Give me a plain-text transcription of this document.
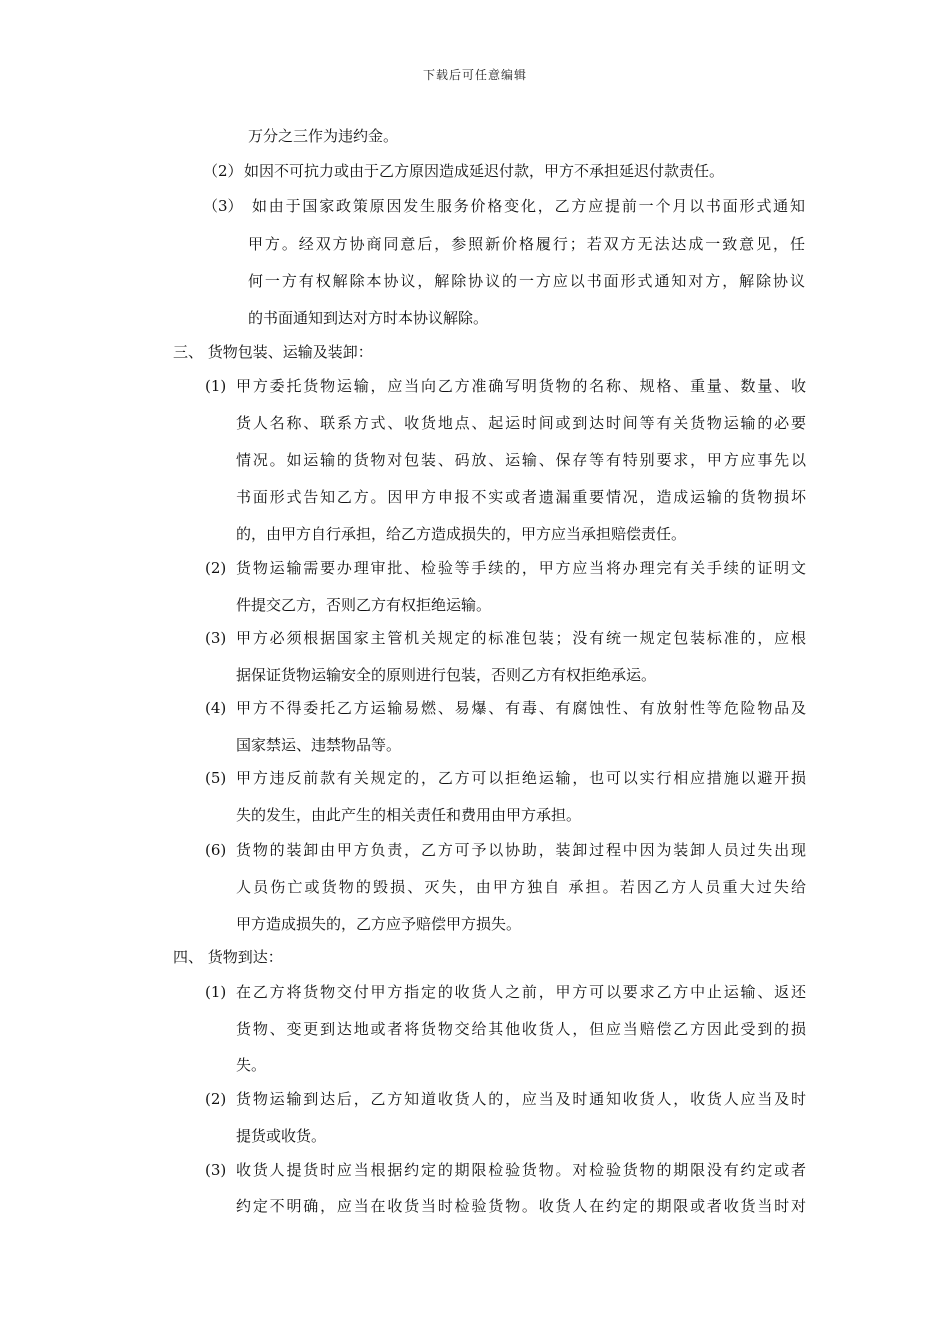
下载后可任意编辑
万分之三作为违约金。
（2） 如因不可抗力或由于乙方原因造成延迟付款，甲方不承担延迟付款责任。
（3） 如由于国家政策原因发生服务价格变化，乙方应提前一个月以书面形式通知
甲方。经双方协商同意后，参照新价格履行；若双方无法达成一致意见，任
何一方有权解除本协议，解除协议的一方应以书面形式通知对方，解除协议
的书面通知到达对方时本协议解除。
三、 货物包装、运输及装卸：
(1) 甲方委托货物运输，应当向乙方准确写明货物的名称、规格、重量、数量、收
货人名称、联系方式、收货地点、起运时间或到达时间等有关货物运输的必要
情况。如运输的货物对包装、码放、运输、保存等有特别要求，甲方应事先以
书面形式告知乙方。因甲方申报不实或者遗漏重要情况，造成运输的货物损坏
的，由甲方自行承担，给乙方造成损失的，甲方应当承担赔偿责任。
(2) 货物运输需要办理审批、检验等手续的，甲方应当将办理完有关手续的证明文
件提交乙方，否则乙方有权拒绝运输。
(3) 甲方必须根据国家主管机关规定的标准包装；没有统一规定包装标准的，应根
据保证货物运输安全的原则进行包装，否则乙方有权拒绝承运。
(4) 甲方不得委托乙方运输易燃、易爆、有毒、有腐蚀性、有放射性等危险物品及
国家禁运、违禁物品等。
(5) 甲方违反前款有关规定的，乙方可以拒绝运输，也可以实行相应措施以避开损
失的发生，由此产生的相关责任和费用由甲方承担。
(6) 货物的装卸由甲方负责，乙方可予以协助，装卸过程中因为装卸人员过失出现
人员伤亡或货物的毁损、灭失，由甲方独自 承担。若因乙方人员重大过失给
甲方造成损失的，乙方应予赔偿甲方损失。
四、 货物到达：
(1) 在乙方将货物交付甲方指定的收货人之前，甲方可以要求乙方中止运输、返还
货物、变更到达地或者将货物交给其他收货人，但应当赔偿乙方因此受到的损
失。
(2) 货物运输到达后，乙方知道收货人的，应当及时通知收货人，收货人应当及时
提货或收货。
(3) 收货人提货时应当根据约定的期限检验货物。对检验货物的期限没有约定或者
约定不明确，应当在收货当时检验货物。收货人在约定的期限或者收货当时对
